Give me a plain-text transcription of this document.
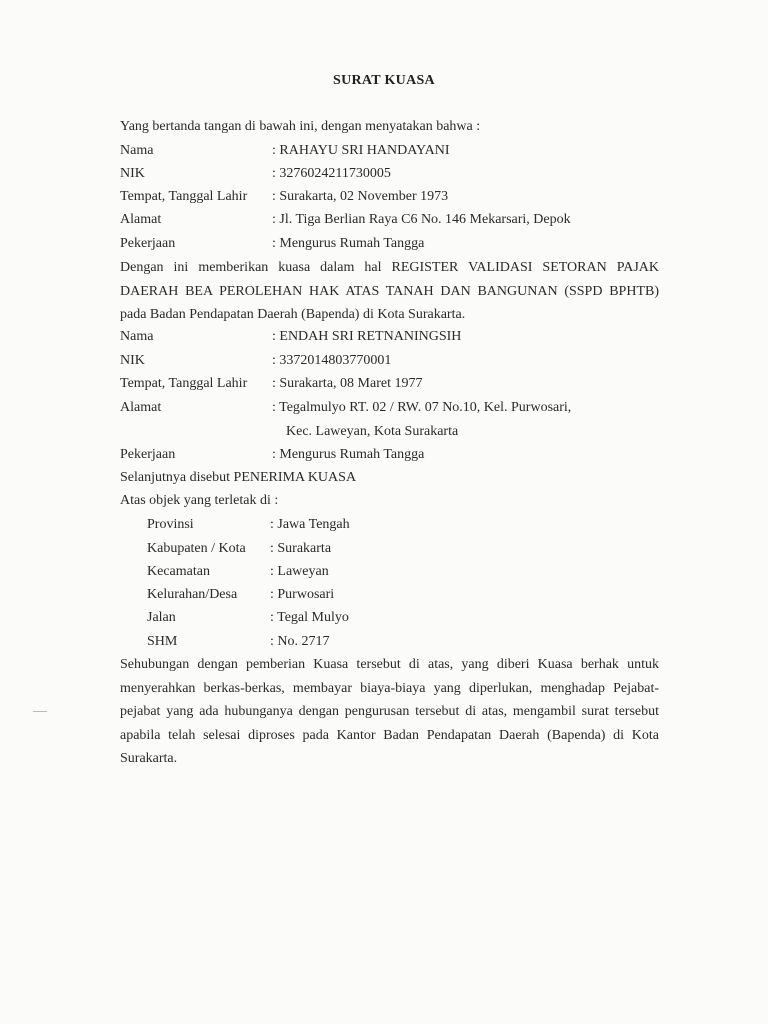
SURAT KUASA
Yang bertanda tangan di bawah ini, dengan menyatakan bahwa :
Nama	: RAHAYU SRI HANDAYANI
NIK	: 3276024211730005
Tempat, Tanggal Lahir : Surakarta, 02 November 1973
Alamat	: Jl. Tiga Berlian Raya C6 No. 146 Mekarsari, Depok
Pekerjaan	: Mengurus Rumah Tangga
Dengan ini memberikan kuasa dalam hal REGISTER VALIDASI SETORAN PAJAK
DAERAH BEA PEROLEHAN HAK ATAS TANAH DAN BANGUNAN (SSPD BPHTB)
pada Badan Pendapatan Daerah (Bapenda) di Kota Surakarta.
Nama	: ENDAH SRI RETNANINGSIH
NIK	: 3372014803770001
Tempat, Tanggal Lahir : Surakarta, 08 Maret 1977
Alamat	: Tegalmulyo RT. 02 / RW. 07 No.10, Kel. Purwosari,
Kec. Laweyan, Kota Surakarta
Pekerjaan	: Mengurus Rumah Tangga
Selanjutnya disebut PENERIMA KUASA
Atas objek yang terletak di :
Provinsi	: Jawa Tengah
Kabupaten / Kota : Surakarta
Kecamatan	: Laweyan
Kelurahan/Desa : Purwosari
Jalan	: Tegal Mulyo
SHM	: No. 2717
Sehubungan dengan pemberian Kuasa tersebut di atas, yang diberi Kuasa berhak untuk
menyerahkan berkas-berkas, membayar biaya-biaya yang diperlukan, menghadap Pejabat-
pejabat yang ada hubunganya dengan pengurusan tersebut di atas, mengambil surat tersebut
apabila telah selesai diproses pada Kantor Badan Pendapatan Daerah (Bapenda) di Kota
Surakarta.
